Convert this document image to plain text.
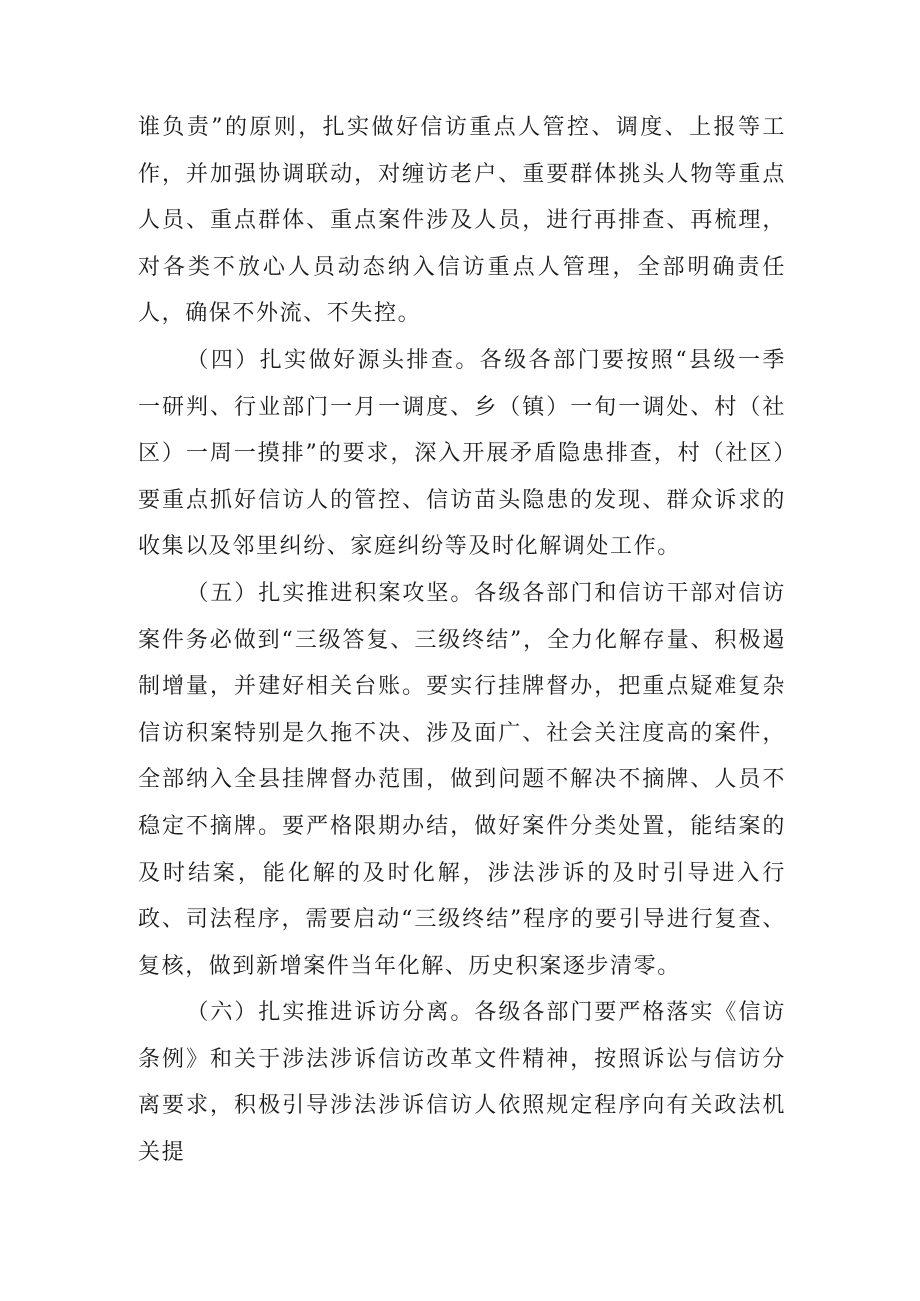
谁负责”的原则，扎实做好信访重点人管控、调度、上报等工作，并加强协调联动，对缠访老户、重要群体挑头人物等重点人员、重点群体、重点案件涉及人员，进行再排查、再梳理，对各类不放心人员动态纳入信访重点人管理，全部明确责任人，确保不外流、不失控。

（四）扎实做好源头排查。各级各部门要按照“县级一季一研判、行业部门一月一调度、乡（镇）一旬一调处、村（社区）一周一摸排”的要求，深入开展矛盾隐患排查，村（社区）要重点抓好信访人的管控、信访苗头隐患的发现、群众诉求的收集以及邻里纠纷、家庭纠纷等及时化解调处工作。

（五）扎实推进积案攻坚。各级各部门和信访干部对信访案件务必做到“三级答复、三级终结”，全力化解存量、积极遏制增量，并建好相关台账。要实行挂牌督办，把重点疑难复杂信访积案特别是久拖不决、涉及面广、社会关注度高的案件，全部纳入全县挂牌督办范围，做到问题不解决不摘牌、人员不稳定不摘牌。要严格限期办结，做好案件分类处置，能结案的及时结案，能化解的及时化解，涉法涉诉的及时引导进入行政、司法程序，需要启动“三级终结”程序的要引导进行复查、复核，做到新增案件当年化解、历史积案逐步清零。

（六）扎实推进诉访分离。各级各部门要严格落实《信访条例》和关于涉法涉诉信访改革文件精神，按照诉讼与信访分离要求，积极引导涉法涉诉信访人依照规定程序向有关政法机关提
